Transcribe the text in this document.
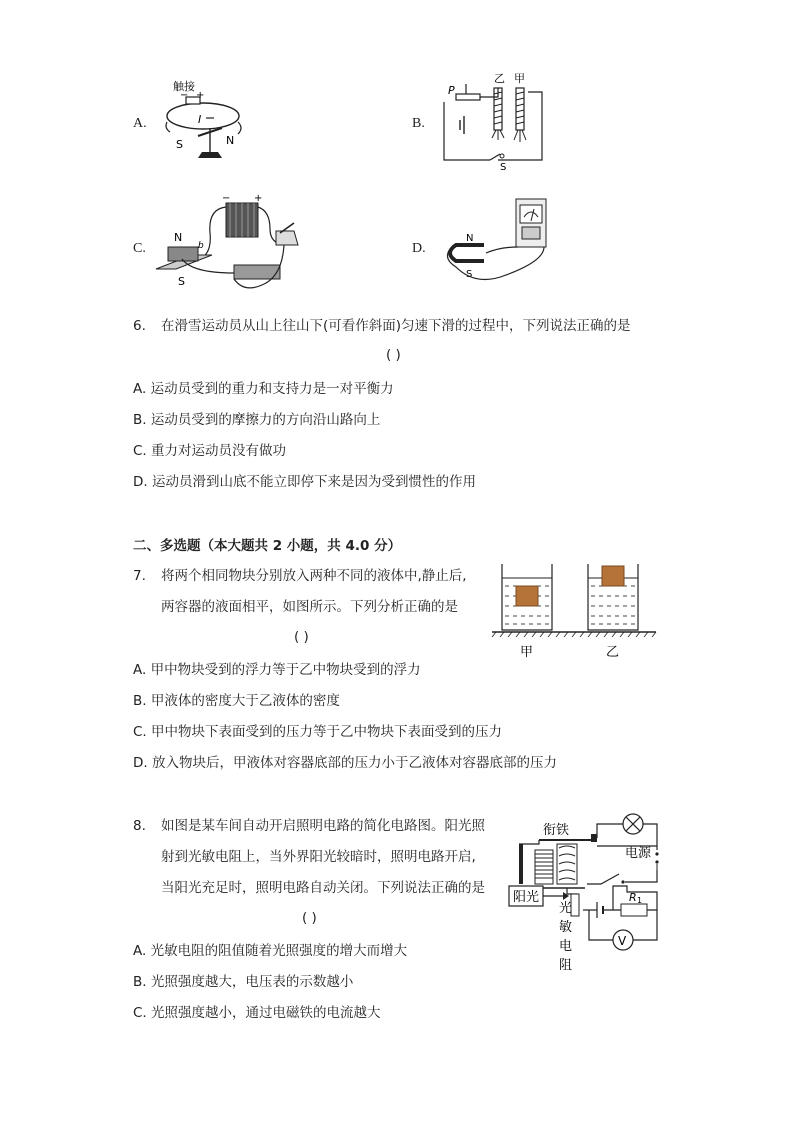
A.
触接
− +
I
N
S
B.
P
乙 甲
S
C.
− +
N
b
S
D.
N
S
6. 在滑雪运动员从山上往山下(可看作斜面)匀速下滑的过程中，下列说法正确的是
( )
A. 运动员受到的重力和支持力是一对平衡力
B. 运动员受到的摩擦力的方向沿山路向上
C. 重力对运动员没有做功
D. 运动员滑到山底不能立即停下来是因为受到惯性的作用
二、多选题（本大题共 2 小题，共 4.0 分）
7. 将两个相同物块分别放入两种不同的液体中,静止后,
两容器的液面相平，如图所示。下列分析正确的是
( )
甲	乙
A. 甲中物块受到的浮力等于乙中物块受到的浮力
B. 甲液体的密度大于乙液体的密度
C. 甲中物块下表面受到的压力等于乙中物块下表面受到的压力
D. 放入物块后，甲液体对容器底部的压力小于乙液体对容器底部的压力
8. 如图是某车间自动开启照明电路的简化电路图。阳光照
射到光敏电阻上，当外界阳光较暗时，照明电路开启,
当阳光充足时，照明电路自动关闭。下列说法正确的是
( )
衔铁
电源
阳光
光
敏
电
阻
R 1
V
A. 光敏电阻的阻值随着光照强度的增大而增大
B. 光照强度越大，电压表的示数越小
C. 光照强度越小，通过电磁铁的电流越大
